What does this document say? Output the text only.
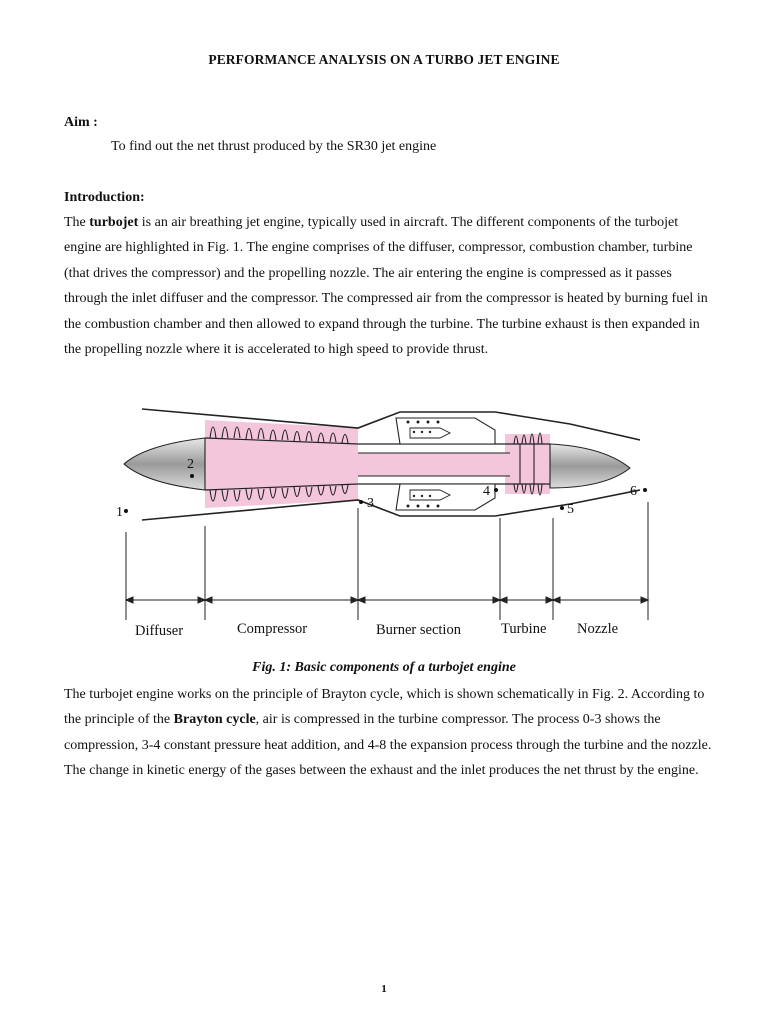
PERFORMANCE ANALYSIS ON A TURBO JET ENGINE
Aim :
To find out the net thrust produced by the SR30 jet engine
Introduction:
The turbojet is an air breathing jet engine, typically used in aircraft. The different components of the turbojet engine are highlighted in Fig. 1. The engine comprises of the diffuser, compressor, combustion chamber, turbine (that drives the compressor) and the propelling nozzle. The air entering the engine is compressed as it passes through the inlet diffuser and the compressor. The compressed air from the compressor is heated by burning fuel in the combustion chamber and then allowed to expand through the turbine. The turbine exhaust is then expanded in the propelling nozzle where it is accelerated to high speed to provide thrust.
1
2
3
4
5
6
Diffuser	Compressor	Burner section	Turbine Nozzle
Fig. 1: Basic components of a turbojet engine
The turbojet engine works on the principle of Brayton cycle, which is shown schematically in Fig. 2. According to the principle of the Brayton cycle, air is compressed in the turbine compressor. The process 0-3 shows the compression, 3-4 constant pressure heat addition, and 4-8 the expansion process through the turbine and the nozzle. The change in kinetic energy of the gases between the exhaust and the inlet produces the net thrust by the engine.
1
